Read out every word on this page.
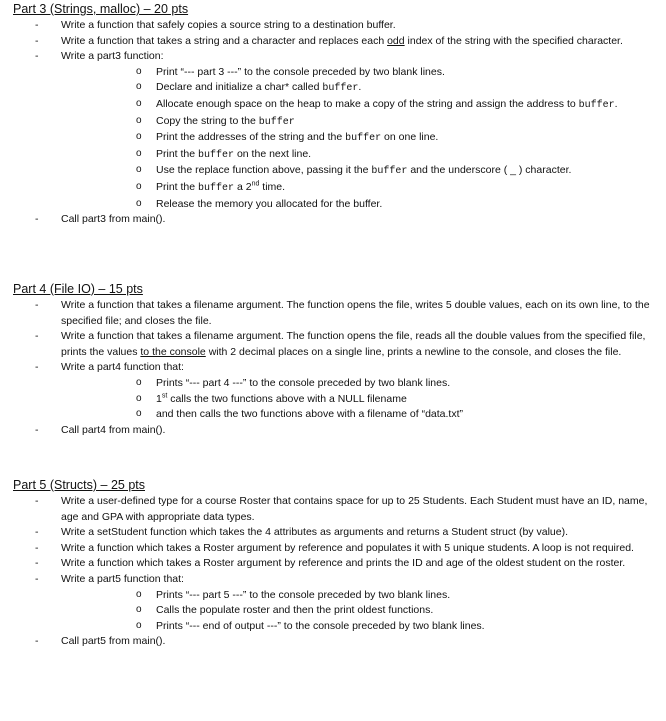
Part 3 (Strings, malloc) – 20 pts
- Write a function that safely copies a source string to a destination buffer.
- Write a function that takes a string and a character and replaces each odd index of the string with the specified character.
- Write a part3 function:
o Print “--- part 3 ---” to the console preceded by two blank lines.
o Declare and initialize a char* called buffer.
o Allocate enough space on the heap to make a copy of the string and assign the address to buffer.
o Copy the string to the buffer
o Print the addresses of the string and the buffer on one line.
o Print the buffer on the next line.
o Use the replace function above, passing it the buffer and the underscore ( _ ) character.
o Print the buffer a 2nd time.
o Release the memory you allocated for the buffer.
- Call part3 from main().
Part 4 (File IO) – 15 pts
- Write a function that takes a filename argument. The function opens the file, writes 5 double values, each on its own line, to the specified file; and closes the file.
- Write a function that takes a filename argument. The function opens the file, reads all the double values from the specified file, prints the values to the console with 2 decimal places on a single line, prints a newline to the console, and closes the file.
- Write a part4 function that:
o Prints “--- part 4 ---” to the console preceded by two blank lines.
o 1st calls the two functions above with a NULL filename
o and then calls the two functions above with a filename of “data.txt”
- Call part4 from main().
Part 5 (Structs) – 25 pts
- Write a user-defined type for a course Roster that contains space for up to 25 Students. Each Student must have an ID, name, age and GPA with appropriate data types.
- Write a setStudent function which takes the 4 attributes as arguments and returns a Student struct (by value).
- Write a function which takes a Roster argument by reference and populates it with 5 unique students. A loop is not required.
- Write a function which takes a Roster argument by reference and prints the ID and age of the oldest student on the roster.
- Write a part5 function that:
o Prints “--- part 5 ---” to the console preceded by two blank lines.
o Calls the populate roster and then the print oldest functions.
o Prints “--- end of output ---” to the console preceded by two blank lines.
- Call part5 from main().
